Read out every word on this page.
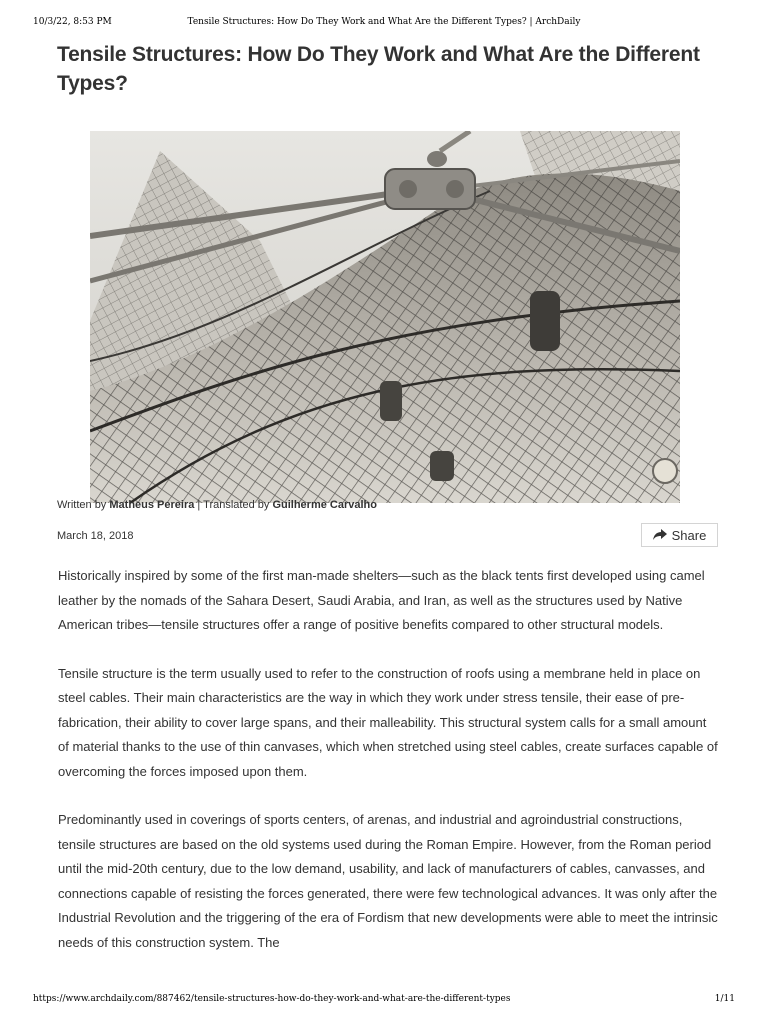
10/3/22, 8:53 PM	Tensile Structures: How Do They Work and What Are the Different Types? | ArchDaily
Tensile Structures: How Do They Work and What Are the Different Types?
Written by Matheus Pereira | Translated by Guilherme Carvalho
March 18, 2018	Share

Historically inspired by some of the first man-made shelters—such as the black tents first developed using camel leather by the nomads of the Sahara Desert, Saudi Arabia, and Iran, as well as the structures used by Native American tribes—tensile structures offer a range of positive benefits compared to other structural models.

Tensile structure is the term usually used to refer to the construction of roofs using a membrane held in place on steel cables. Their main characteristics are the way in which they work under stress tensile, their ease of pre-fabrication, their ability to cover large spans, and their malleability. This structural system calls for a small amount of material thanks to the use of thin canvases, which when stretched using steel cables, create surfaces capable of overcoming the forces imposed upon them.

Predominantly used in coverings of sports centers, of arenas, and industrial and agroindustrial constructions, tensile structures are based on the old systems used during the Roman Empire. However, from the Roman period until the mid-20th century, due to the low demand, usability, and lack of manufacturers of cables, canvasses, and connections capable of resisting the forces generated, there were few technological advances. It was only after the Industrial Revolution and the triggering of the era of Fordism that new developments were able to meet the intrinsic needs of this construction system. The

https://www.archdaily.com/887462/tensile-structures-how-do-they-work-and-what-are-the-different-types	1/11
